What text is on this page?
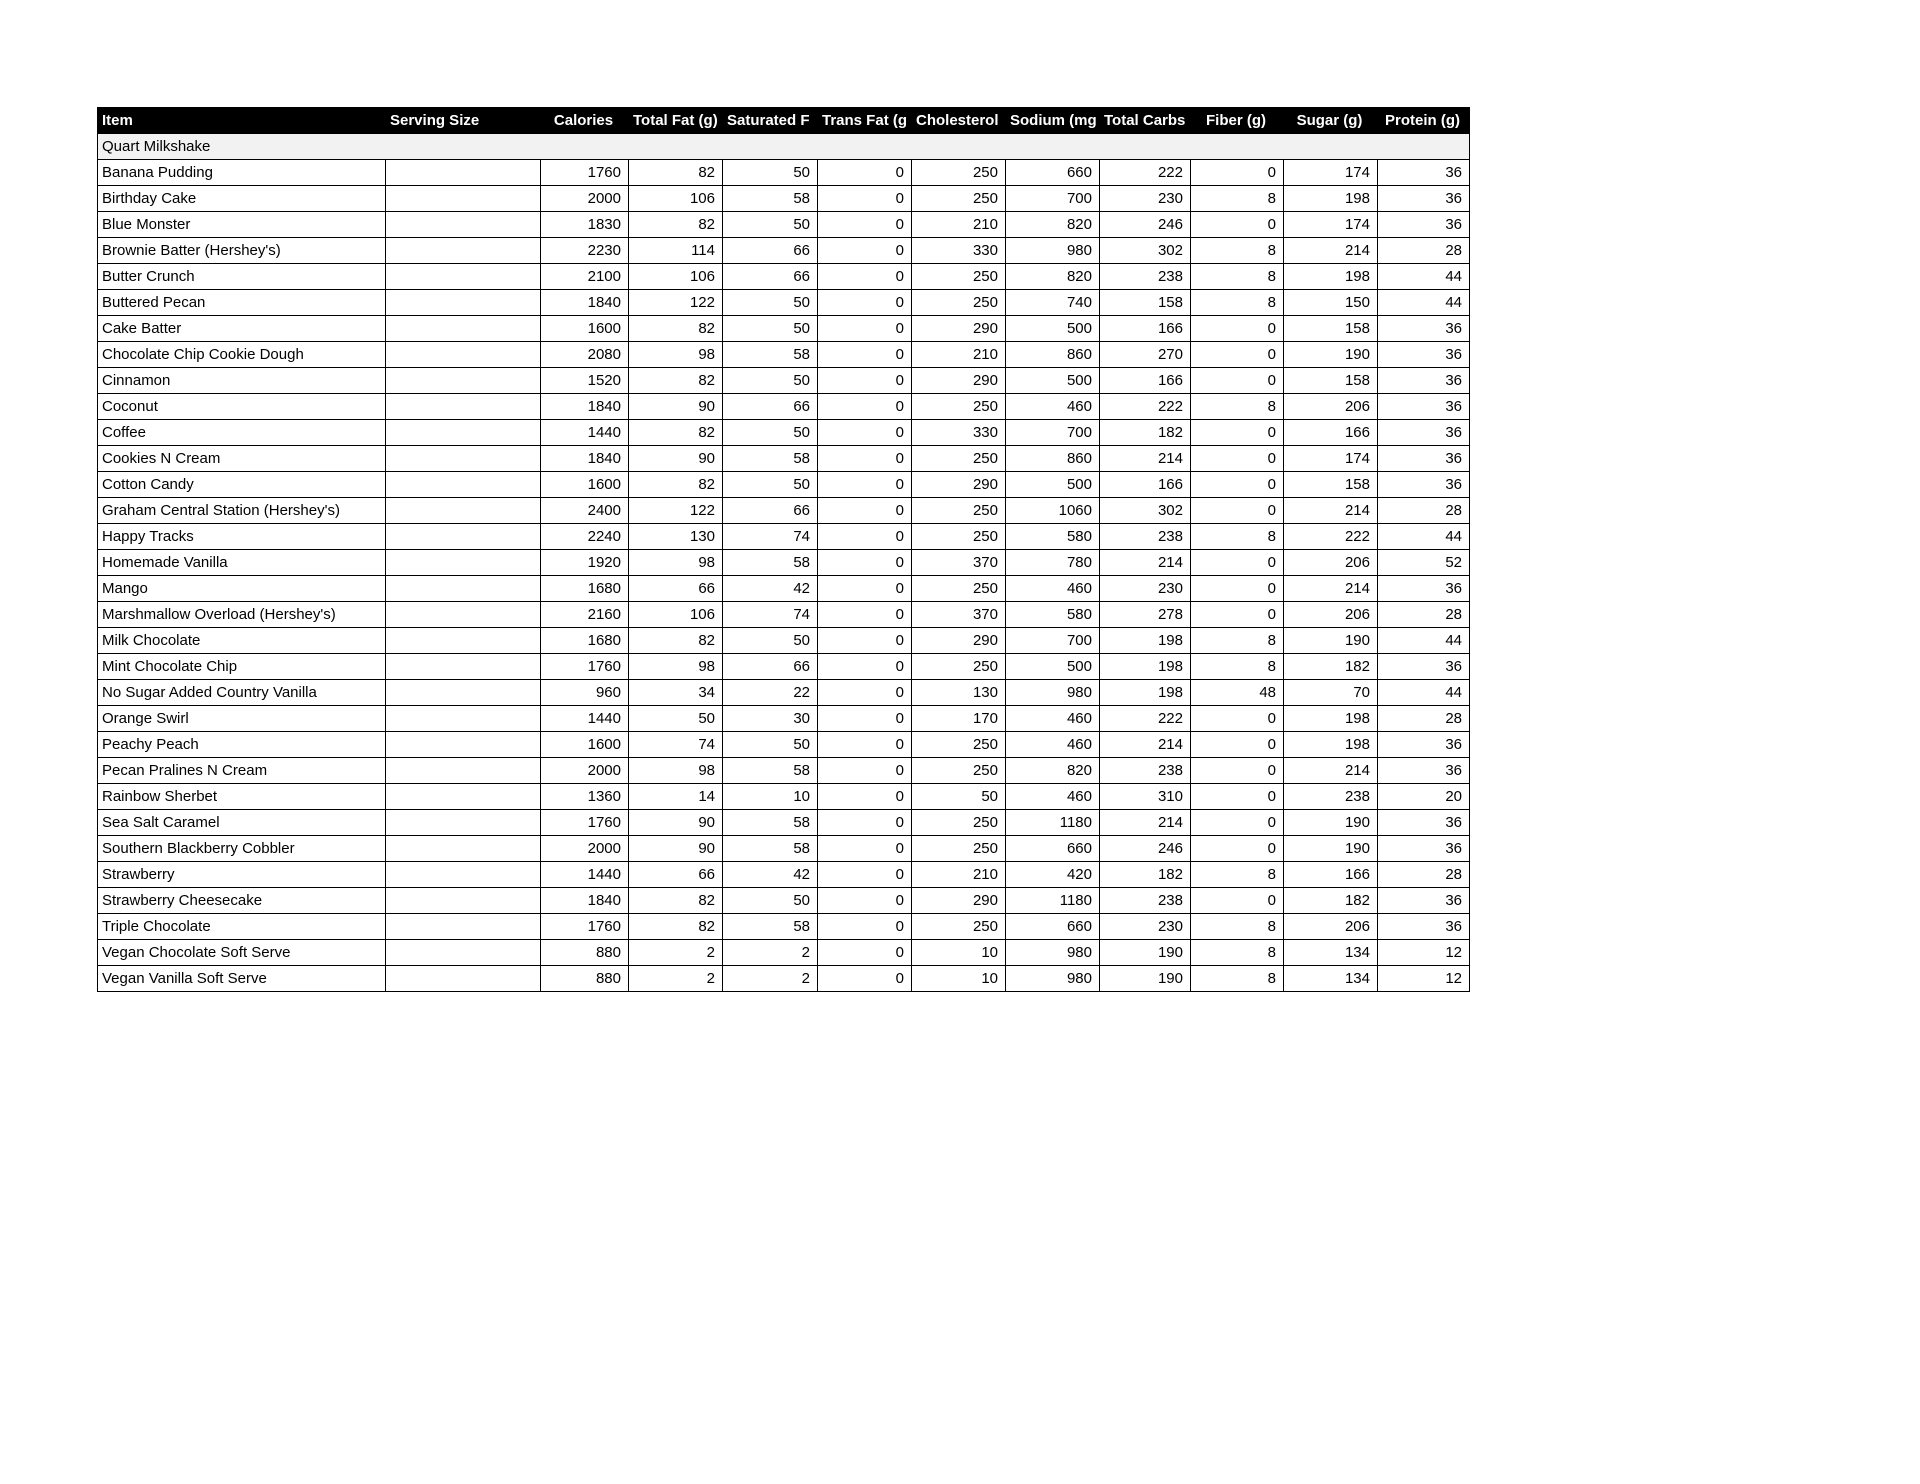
Item	Serving Size	Calories	Total Fat (g)	Saturated F	Trans Fat (g	Cholesterol	Sodium (mg	Total Carbs	Fiber (g)	Sugar (g)	Protein (g)
Quart Milkshake											
Banana Pudding		1760	82	50	0	250	660	222	0	174	36
Birthday Cake		2000	106	58	0	250	700	230	8	198	36
Blue Monster		1830	82	50	0	210	820	246	0	174	36
Brownie Batter (Hershey's)		2230	114	66	0	330	980	302	8	214	28
Butter Crunch		2100	106	66	0	250	820	238	8	198	44
Buttered Pecan		1840	122	50	0	250	740	158	8	150	44
Cake Batter		1600	82	50	0	290	500	166	0	158	36
Chocolate Chip Cookie Dough		2080	98	58	0	210	860	270	0	190	36
Cinnamon		1520	82	50	0	290	500	166	0	158	36
Coconut		1840	90	66	0	250	460	222	8	206	36
Coffee		1440	82	50	0	330	700	182	0	166	36
Cookies N Cream		1840	90	58	0	250	860	214	0	174	36
Cotton Candy		1600	82	50	0	290	500	166	0	158	36
Graham Central Station (Hershey's)		2400	122	66	0	250	1060	302	0	214	28
Happy Tracks		2240	130	74	0	250	580	238	8	222	44
Homemade Vanilla		1920	98	58	0	370	780	214	0	206	52
Mango		1680	66	42	0	250	460	230	0	214	36
Marshmallow Overload (Hershey's)		2160	106	74	0	370	580	278	0	206	28
Milk Chocolate		1680	82	50	0	290	700	198	8	190	44
Mint Chocolate Chip		1760	98	66	0	250	500	198	8	182	36
No Sugar Added Country Vanilla		960	34	22	0	130	980	198	48	70	44
Orange Swirl		1440	50	30	0	170	460	222	0	198	28
Peachy Peach		1600	74	50	0	250	460	214	0	198	36
Pecan Pralines N Cream		2000	98	58	0	250	820	238	0	214	36
Rainbow Sherbet		1360	14	10	0	50	460	310	0	238	20
Sea Salt Caramel		1760	90	58	0	250	1180	214	0	190	36
Southern Blackberry Cobbler		2000	90	58	0	250	660	246	0	190	36
Strawberry		1440	66	42	0	210	420	182	8	166	28
Strawberry Cheesecake		1840	82	50	0	290	1180	238	0	182	36
Triple Chocolate		1760	82	58	0	250	660	230	8	206	36
Vegan Chocolate Soft Serve		880	2	2	0	10	980	190	8	134	12
Vegan Vanilla Soft Serve		880	2	2	0	10	980	190	8	134	12
